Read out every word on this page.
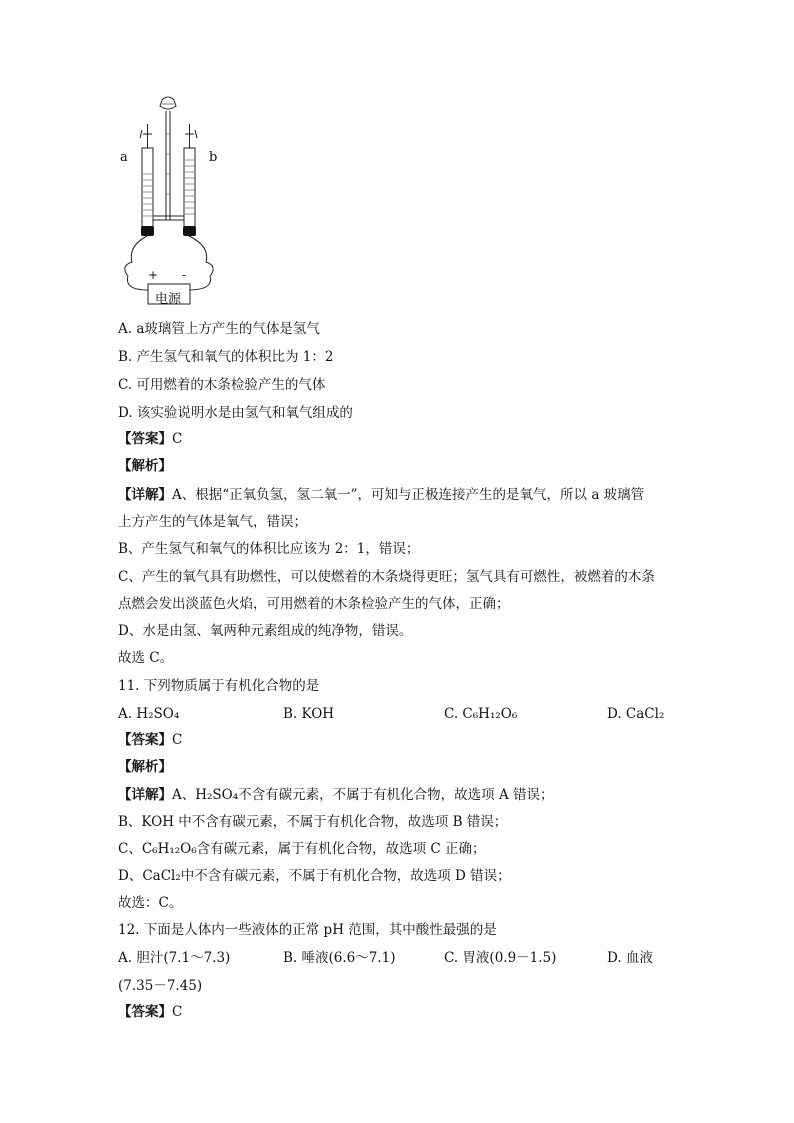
a	b
+ -
电源
A. a玻璃管上方产生的气体是氢气
B. 产生氢气和氧气的体积比为 1：2
C. 可用燃着的木条检验产生的气体
D. 该实验说明水是由氢气和氧气组成的
【答案】C
【解析】
【详解】A、根据“正氧负氢，氢二氧一”，可知与正极连接产生的是氧气，所以 a 玻璃管
上方产生的气体是氧气，错误；
B、产生氢气和氧气的体积比应该为 2：1，错误；
C、产生的氧气具有助燃性，可以使燃着的木条烧得更旺；氢气具有可燃性，被燃着的木条
点燃会发出淡蓝色火焰，可用燃着的木条检验产生的气体，正确；
D、水是由氢、氧两种元素组成的纯净物，错误。
故选 C。
11. 下列物质属于有机化合物的是
A. H₂SO₄	B. KOH	C. C₆H₁₂O₆	D. CaCl₂
【答案】C
【解析】
【详解】A、H₂SO₄不含有碳元素，不属于有机化合物，故选项 A 错误；
B、KOH 中不含有碳元素，不属于有机化合物，故选项 B 错误；
C、C₆H₁₂O₆含有碳元素，属于有机化合物，故选项 C 正确；
D、CaCl₂中不含有碳元素，不属于有机化合物，故选项 D 错误；
故选：C。
12. 下面是人体内一些液体的正常 pH 范围，其中酸性最强的是
A. 胆汁(7.1～7.3)	B. 唾液(6.6～7.1)	C. 胃液(0.9－1.5)	D. 血液
(7.35－7.45)
【答案】C
